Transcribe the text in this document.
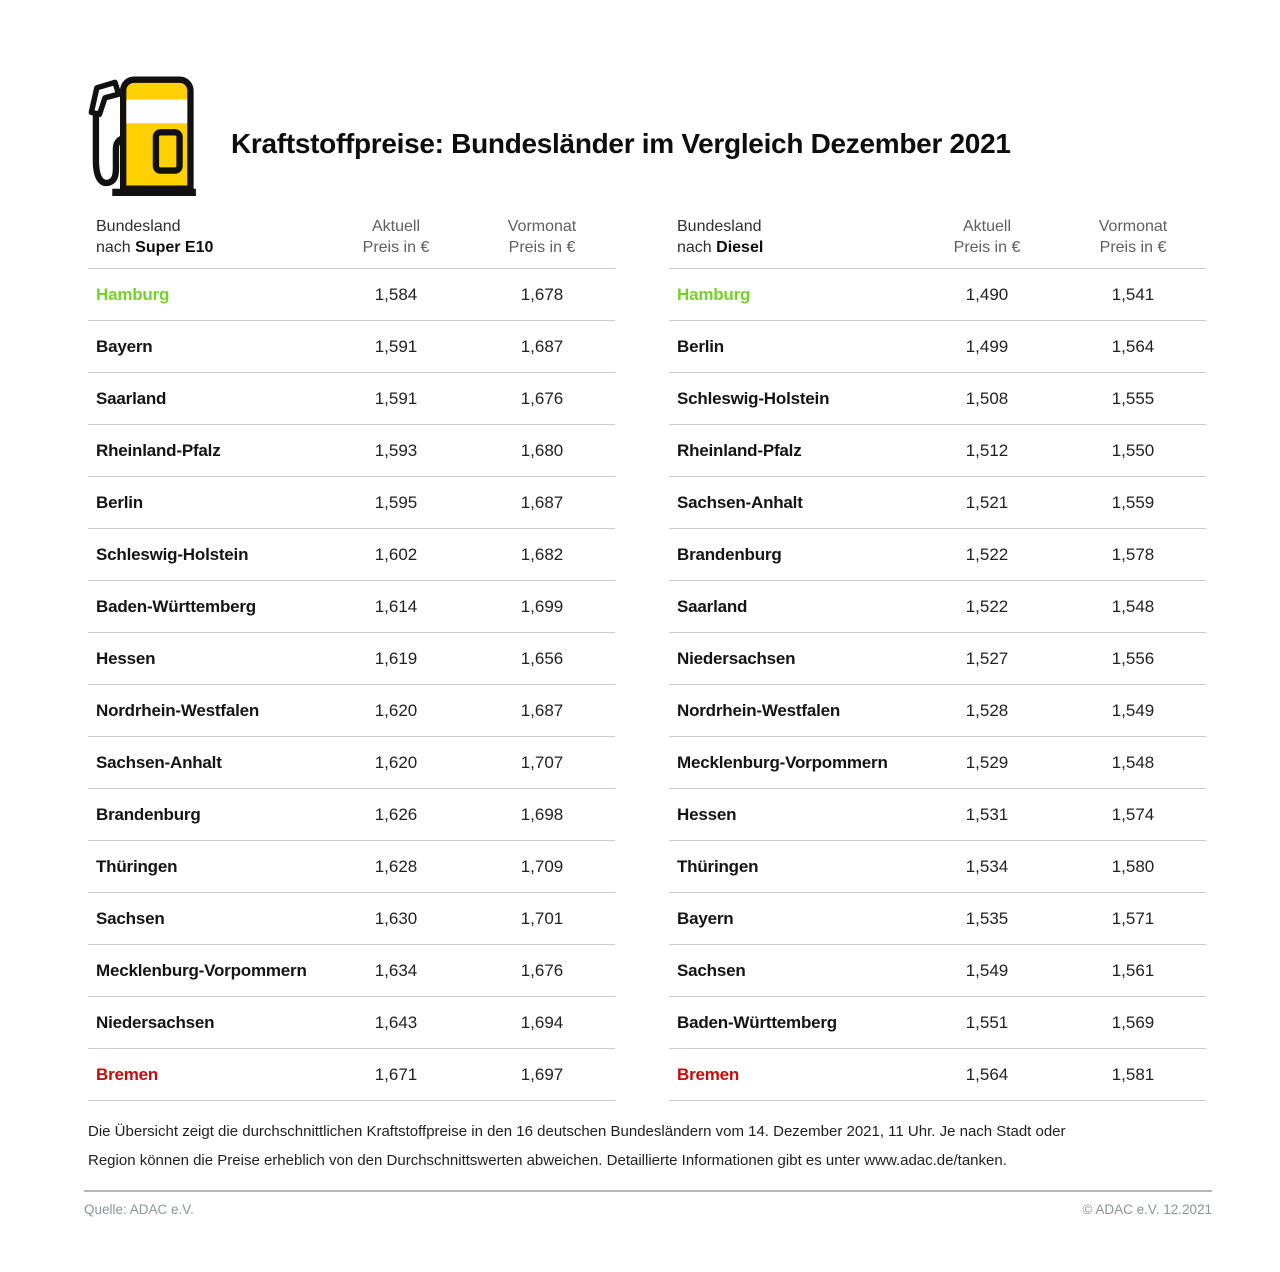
Kraftstoffpreise: Bundesländer im Vergleich Dezember 2021
Bundesland
nach Super E10
Aktuell
Preis in €
Vormonat
Preis in €
Hamburg	1,584	1,678
Bayern	1,591	1,687
Saarland	1,591	1,676
Rheinland-Pfalz	1,593	1,680
Berlin	1,595	1,687
Schleswig-Holstein	1,602	1,682
Baden-Württemberg	1,614	1,699
Hessen	1,619	1,656
Nordrhein-Westfalen	1,620	1,687
Sachsen-Anhalt	1,620	1,707
Brandenburg	1,626	1,698
Thüringen	1,628	1,709
Sachsen	1,630	1,701
Mecklenburg-Vorpommern	1,634	1,676
Niedersachsen	1,643	1,694
Bremen	1,671	1,697
Bundesland
nach Diesel
Aktuell
Preis in €
Vormonat
Preis in €
Hamburg	1,490	1,541
Berlin	1,499	1,564
Schleswig-Holstein	1,508	1,555
Rheinland-Pfalz	1,512	1,550
Sachsen-Anhalt	1,521	1,559
Brandenburg	1,522	1,578
Saarland	1,522	1,548
Niedersachsen	1,527	1,556
Nordrhein-Westfalen	1,528	1,549
Mecklenburg-Vorpommern	1,529	1,548
Hessen	1,531	1,574
Thüringen	1,534	1,580
Bayern	1,535	1,571
Sachsen	1,549	1,561
Baden-Württemberg	1,551	1,569
Bremen	1,564	1,581

Die Übersicht zeigt die durchschnittlichen Kraftstoffpreise in den 16 deutschen Bundesländern vom 14. Dezember 2021, 11 Uhr. Je nach Stadt oder Region können die Preise erheblich von den Durchschnittswerten abweichen. Detaillierte Informationen gibt es unter www.adac.de/tanken.

Quelle: ADAC e.V.	© ADAC e.V. 12.2021
